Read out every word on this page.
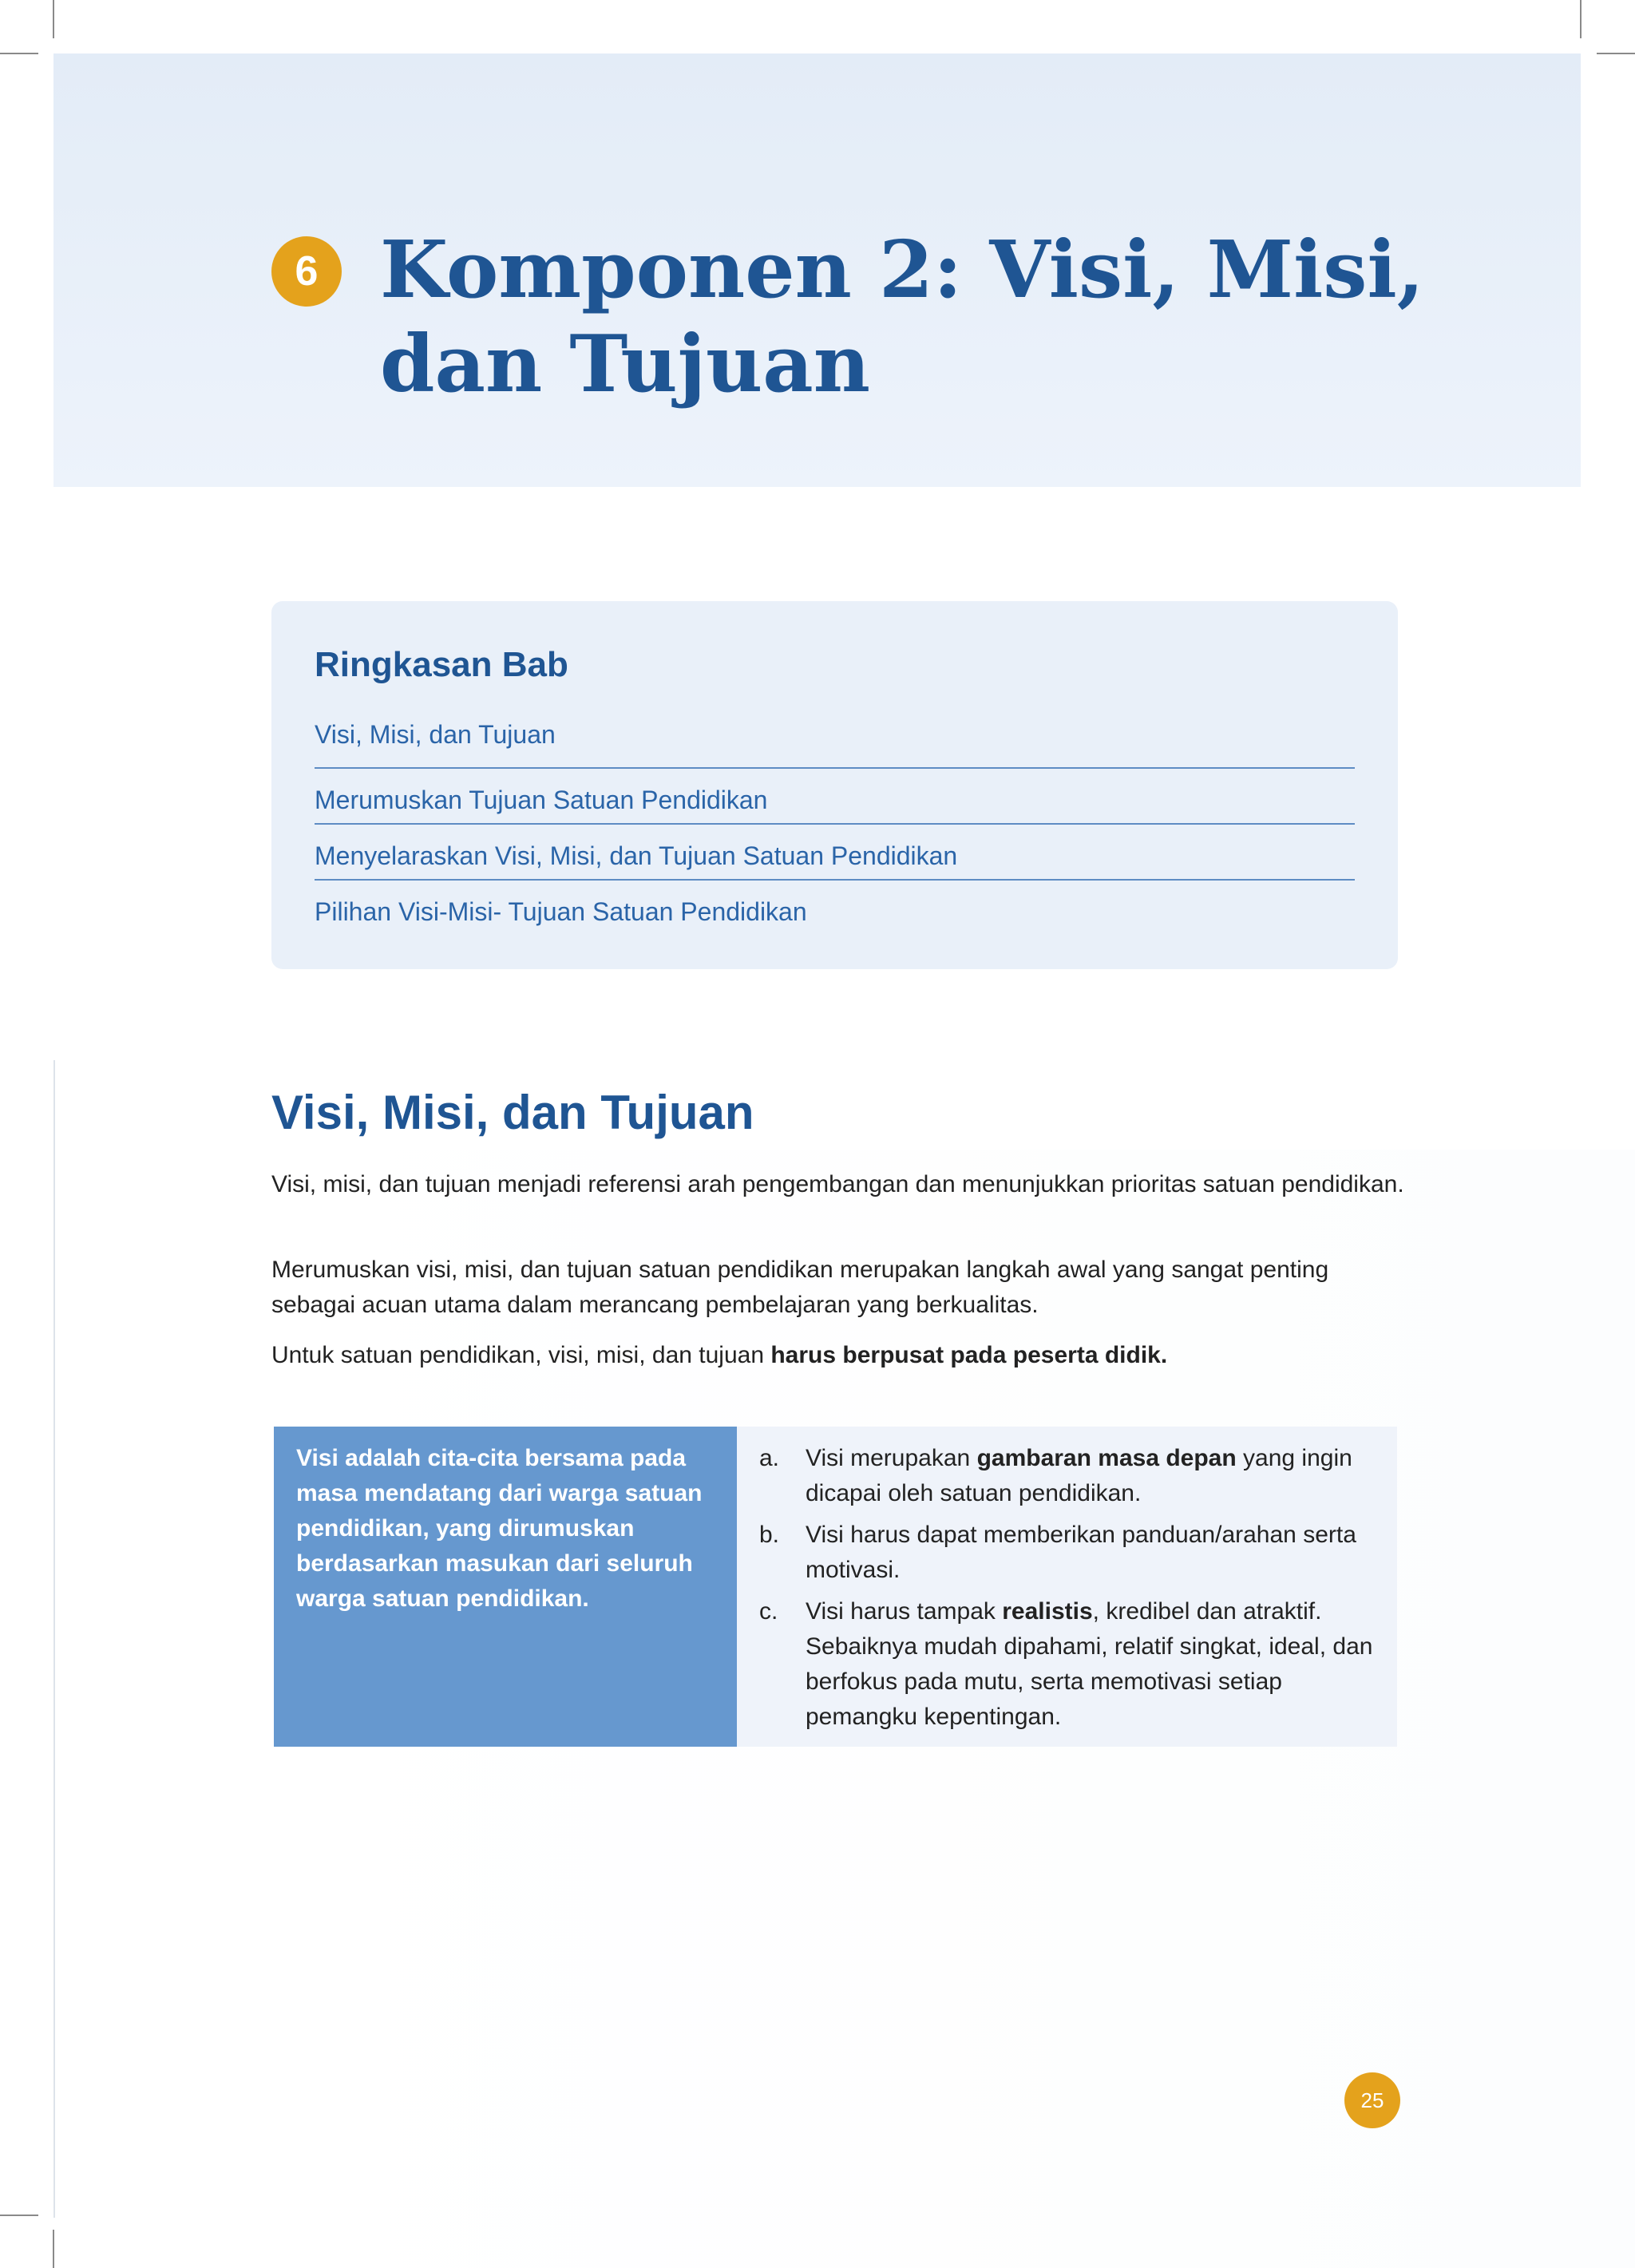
6 Komponen 2: Visi, Misi, dan Tujuan
Ringkasan Bab
Visi, Misi, dan Tujuan
Merumuskan Tujuan Satuan Pendidikan
Menyelaraskan Visi, Misi, dan Tujuan Satuan Pendidikan
Pilihan Visi-Misi- Tujuan Satuan Pendidikan
Visi, Misi, dan Tujuan

Visi, misi, dan tujuan menjadi referensi arah pengembangan dan menunjukkan prioritas satuan pendidikan.

Merumuskan visi, misi, dan tujuan satuan pendidikan merupakan langkah awal yang sangat penting sebagai acuan utama dalam merancang pembelajaran yang berkualitas.

Untuk satuan pendidikan, visi, misi, dan tujuan harus berpusat pada peserta didik.

Visi adalah cita-cita bersama pada masa mendatang dari warga satuan pendidikan, yang dirumuskan berdasarkan masukan dari seluruh warga satuan pendidikan.
a.	Visi merupakan gambaran masa depan yang ingin dicapai oleh satuan pendidikan.
b.	Visi harus dapat memberikan panduan/arahan serta motivasi.
c.	Visi harus tampak realistis, kredibel dan atraktif. Sebaiknya mudah dipahami, relatif singkat, ideal, dan berfokus pada mutu, serta memotivasi setiap pemangku kepentingan.
25
